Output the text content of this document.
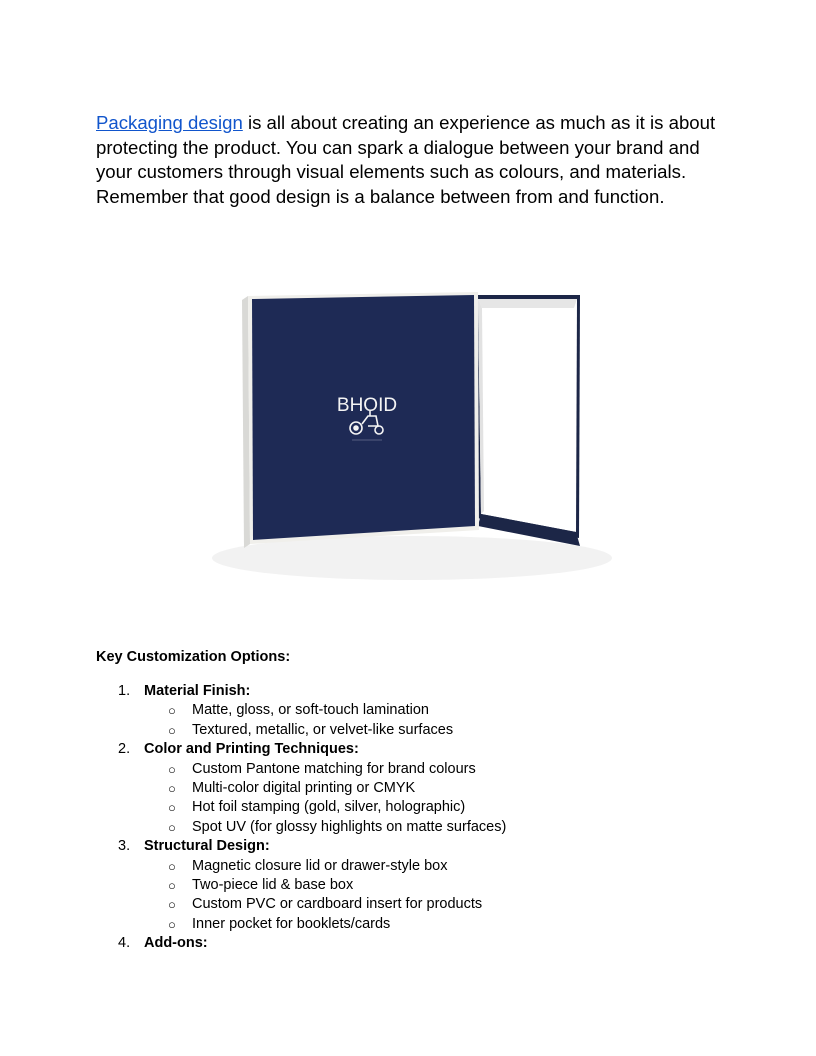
Packaging design is all about creating an experience as much as it is about protecting the product. You can spark a dialogue between your brand and your customers through visual elements such as colours, and materials. Remember that good design is a balance between from and function.

BHOID

Key Customization Options:

1. Material Finish:
○ Matte, gloss, or soft-touch lamination
○ Textured, metallic, or velvet-like surfaces
2. Color and Printing Techniques:
○ Custom Pantone matching for brand colours
○ Multi-color digital printing or CMYK
○ Hot foil stamping (gold, silver, holographic)
○ Spot UV (for glossy highlights on matte surfaces)
3. Structural Design:
○ Magnetic closure lid or drawer-style box
○ Two-piece lid & base box
○ Custom PVC or cardboard insert for products
○ Inner pocket for booklets/cards
4. Add-ons:
